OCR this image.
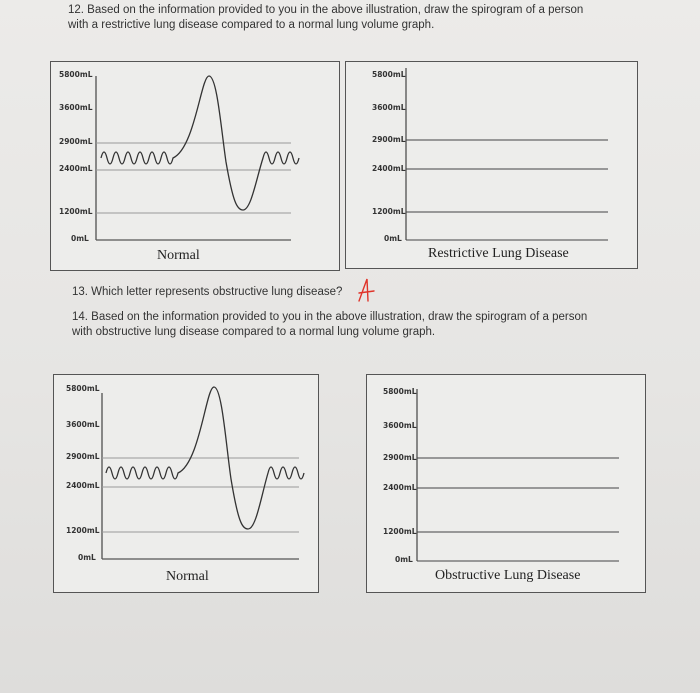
12. Based on the information provided to you in the above illustration, draw the spirogram of a person
with a restrictive lung disease compared to a normal lung volume graph.
5800mL
3600mL
2900mL
2400mL
1200mL
0mL
Normal
5800mL
3600mL
2900mL
2400mL
1200mL
0mL
Restrictive Lung Disease
13. Which letter represents obstructive lung disease?
14. Based on the information provided to you in the above illustration, draw the spirogram of a person
with obstructive lung disease compared to a normal lung volume graph.
5800mL
3600mL
2900mL
2400mL
1200mL
0mL
Normal
5800mL
3600mL
2900mL
2400mL
1200mL
0mL
Obstructive Lung Disease
